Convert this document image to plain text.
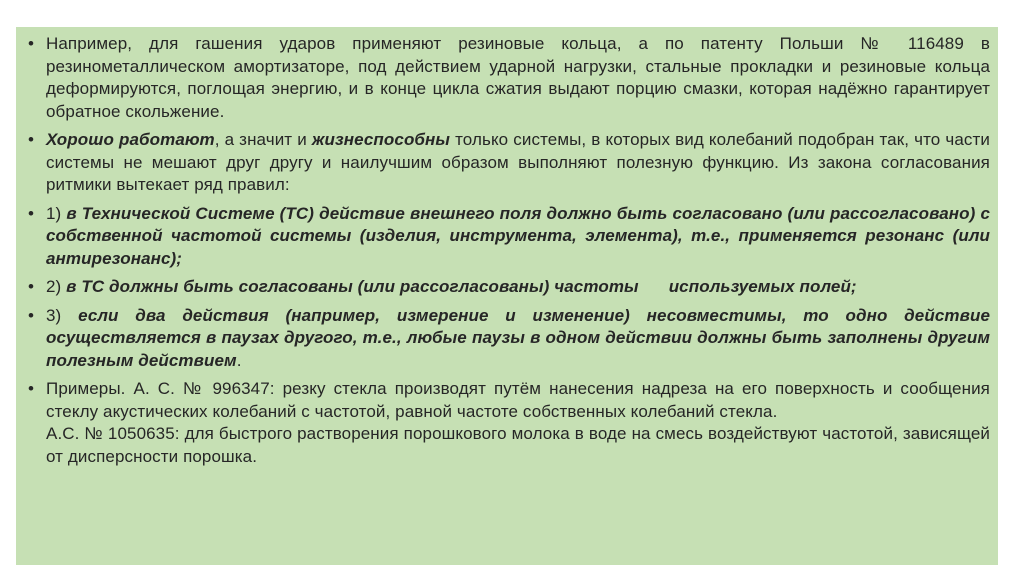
• Например, для гашения ударов применяют резиновые кольца, а по патенту Польши № 116489 в резинометаллическом амортизаторе, под действием ударной нагрузки, стальные прокладки и резиновые кольца деформируются, поглощая энергию, и в конце цикла сжатия выдают порцию смазки, которая надёжно гарантирует обратное скольжение.
• Хорошо работают, а значит и жизнеспособны только системы, в которых вид колебаний подобран так, что части системы не мешают друг другу и наилучшим образом выполняют полезную функцию. Из закона согласования ритмики вытекает ряд правил:
• 1) в Технической Системе (ТС) действие внешнего поля должно быть согласовано (или рассогласовано) с собственной частотой системы (изделия, инструмента, элемента), т.е., применяется резонанс (или антирезонанс);
• 2) в ТС должны быть согласованы (или рассогласованы) частоты используемых полей;
• 3) если два действия (например, измерение и изменение) несовместимы, то одно действие осуществляется в паузах другого, т.е., любые паузы в одном действии должны быть заполнены другим полезным действием.
• Примеры. А. С. № 996347: резку стекла производят путём нанесения надреза на его поверхность и сообщения стеклу акустических колебаний с частотой, равной частоте собственных колебаний стекла.
А.С. № 1050635: для быстрого растворения порошкового молока в воде на смесь воздействуют частотой, зависящей от дисперсности порошка.
